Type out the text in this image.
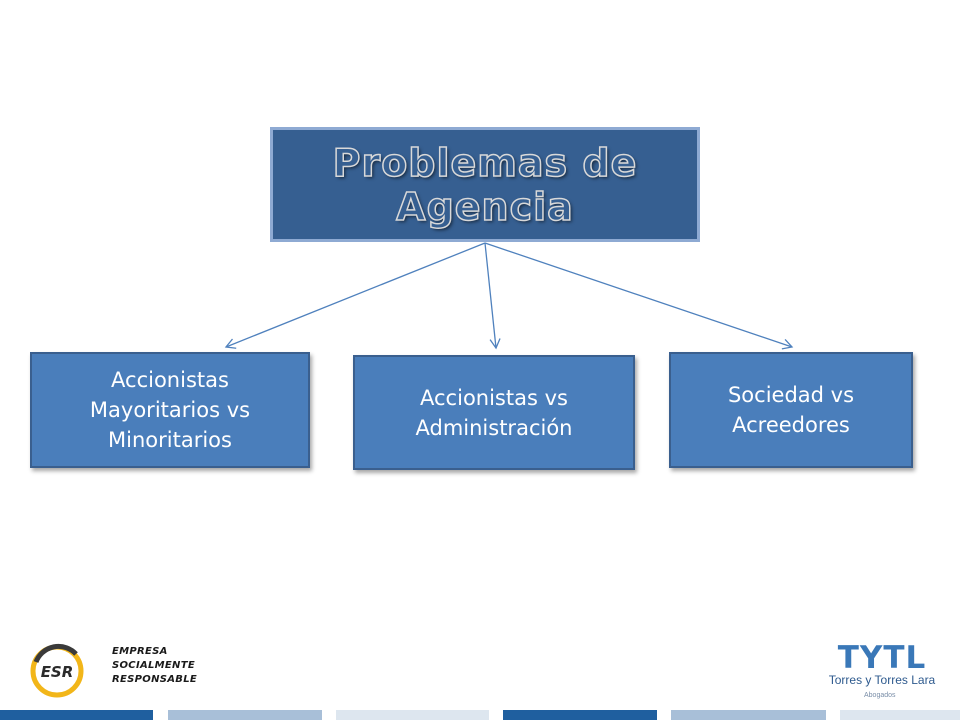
Problemas de
Agencia
Accionistas
Mayoritarios vs
Minoritarios
Accionistas vs
Administración
Sociedad vs
Acreedores
ESR
EMPRESA
SOCIALMENTE
RESPONSABLE
TYTL
Torres y Torres Lara
Abogados
